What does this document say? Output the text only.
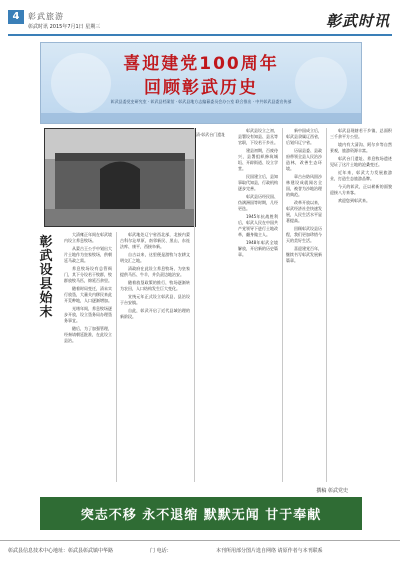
4	彰武旅游
彰武时讯 2015年7月1日 星期三	彰武时讯
喜迎建党100周年
回顾彰武历史
彰武县委党史研究室 · 彰武县档案馆 · 彰武县地方志编纂委员会办公室 联合推出 · 中共彰武县委宣传部
清·彰武台门遗址
彰
武
设
县
始
末

大清雍正年间在彰武境内设立养息牧场。

从蒙古王公手中划出大片土地作为皇家牧场，供朝廷马政之需。

养息牧场设有总管衙门，其下分设若干牧群，牧群放牧马匹，绵延百余里。

随着时局变迁，清末实行放垦，大量关内移民来此开荒种地，人口逐渐增加。

光绪年间，养息牧场逐步开放，设立垦务局办理垦务事宜。

随后，为了加强管理，经奏请朝廷批准，在此设立县治。

彰武地处辽宁省西北部，北接内蒙古科尔沁草原，南邻新民、黑山，东连法库、康平，西接阜新。

自古以来，这里便是游牧与农耕文明交汇之地。

清政府在此设立养息牧场，为皇家提供马匹、牛羊，并负责边地治安。

随着放垦政策的推行，牧场逐渐转为农田，人口结构发生巨大变化。

宣统元年正式设立彰武县，县治设于台安镇。

自此，彰武开启了近代县域治理的新阶段。

彰武县设立之初，县署设有知县、县丞等官职，下设若干乡社。

建县初期，百废待兴，县署组织修筑城垣、开辟街道、设立学堂。

民国建立后，县知事取代知县，行政机构逐步完善。

彰武县历经民国、伪满洲国等时期，几经更迭。

1945年抗战胜利后，彰武人民在中国共产党领导下进行土地改革，翻身做主人。

1948年彰武全境解放，开启新的历史篇章。

新中国成立后，彰武县隶属辽西省，后划归辽宁省。

历届县委、县政府带领全县人民治沙造林，改善生态环境。

章古台防风固沙林建设成就闻名全国，被誉为沙地治理的典范。

改革开放以来，彰武经济社会快速发展，人民生活水平显著提高。

回顾彰武设县历程，我们更加珍惜今天的美好生活。

喜迎建党百年，继续书写彰武发展新篇章。

彰武县现辖若干乡镇，总面积三千余平方公里。

境内有大清沟、阿尔乡等自然景观，旅游资源丰富。

彰武台门遗址、养息牧场遗迹见证了这片土地的沧桑变迁。

近年来，彰武大力发展旅游业，打造生态旅游品牌。

今天的彰武，正以崭新的面貌迎接八方来客。

欢迎您到彰武来。

撰稿 彰武党史
突志不移 永不退缩 默默无闻 甘于奉献
彰武县信息技术中心地址：彰武县彰武镇中华路	门 电话：	本刊所用部分图片选自网络 请原作者与本刊联系
